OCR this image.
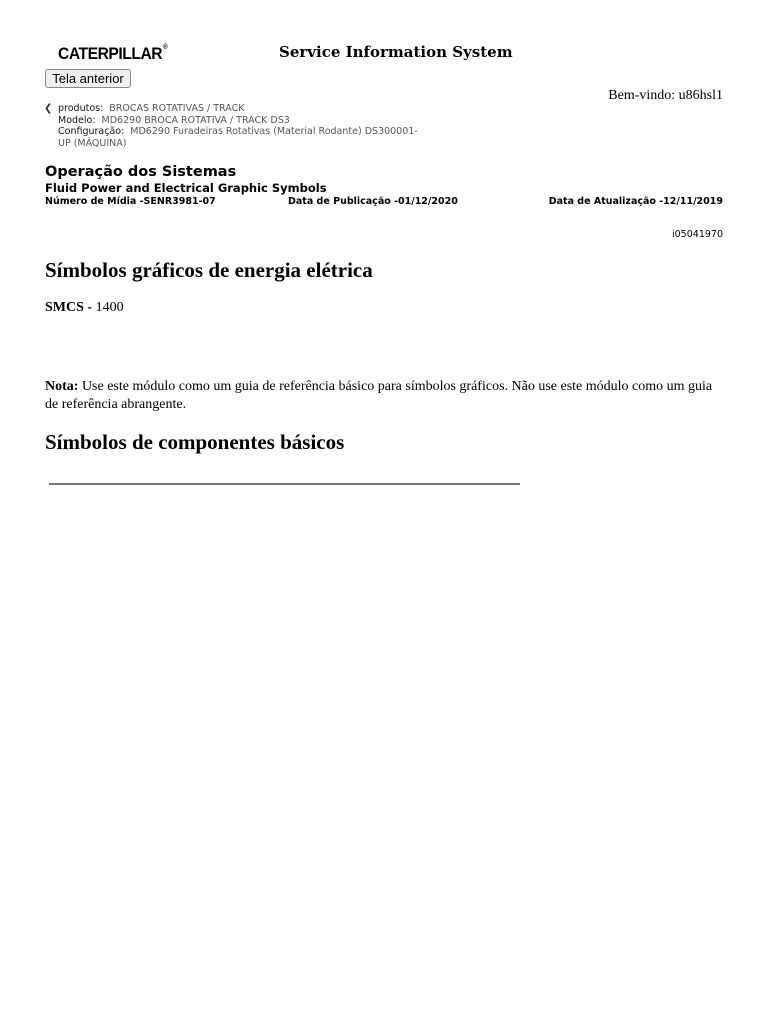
CATERPILLAR®	Service Information System
Tela anterior
Bem-vindo: u86hsl1
❮ produtos: BROCAS ROTATIVAS / TRACK
Modelo: MD6290 BROCA ROTATIVA / TRACK DS3
Configuração: MD6290 Furadeiras Rotativas (Material Rodante) DS300001-
UP (MÁQUINA)
Operação dos Sistemas
Fluid Power and Electrical Graphic Symbols
Número de Mídia -SENR3981-07	Data de Publicação -01/12/2020	Data de Atualização -12/11/2019
i05041970
Símbolos gráficos de energia elétrica
SMCS - 1400
Nota: Use este módulo como um guia de referência básico para símbolos gráficos. Não use este módulo como um guia de referência abrangente.
Símbolos de componentes básicos
